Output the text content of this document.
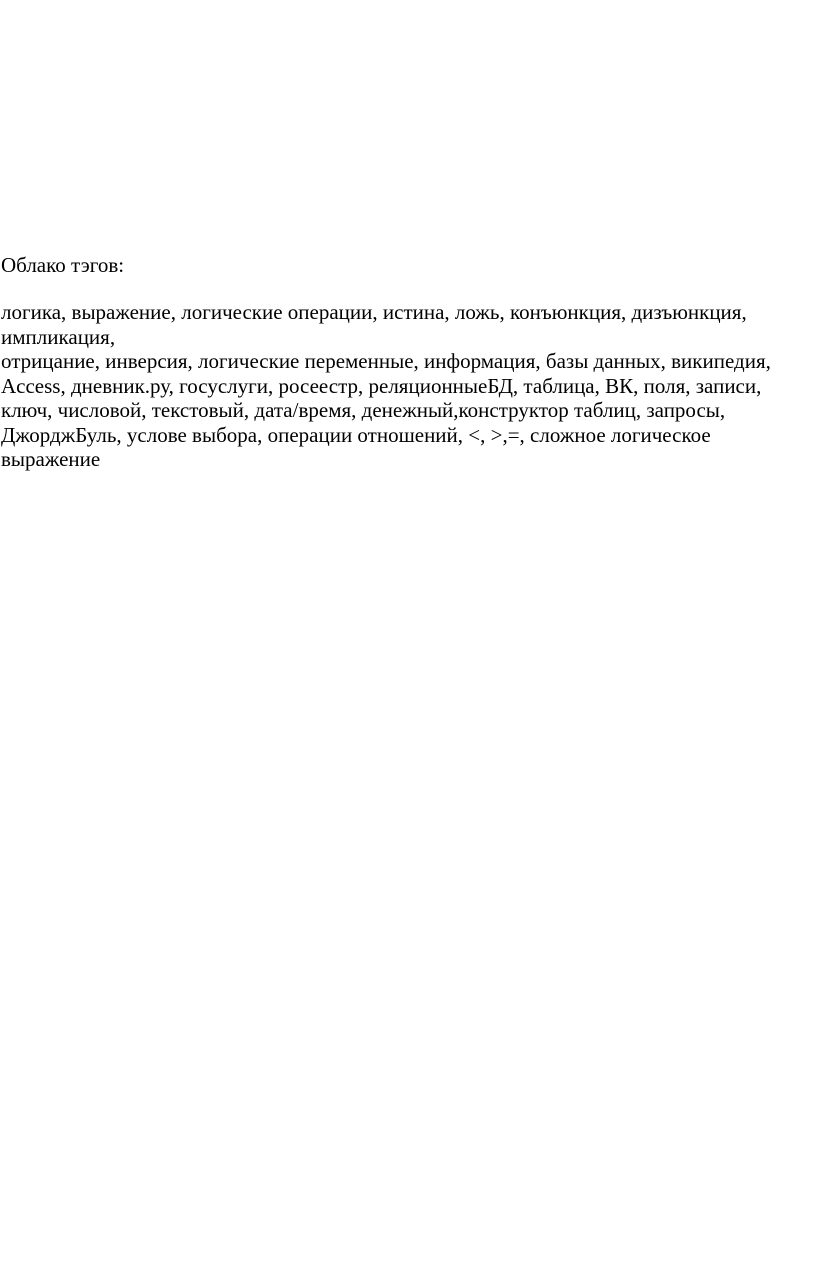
Облако тэгов:
логика, выражение, логические операции, истина, ложь, конъюнкция, дизъюнкция,
импликация,
отрицание, инверсия, логические переменные, информация, базы данных, википедия,
Access, дневник.ру, госуслуги, росеестр, реляционныеБД, таблица, ВК, поля, записи,
ключ, числовой, текстовый, дата/время, денежный,конструктор таблиц, запросы,
ДжорджБуль, услове выбора, операции отношений, <, >,=, сложное логическое
выражение
